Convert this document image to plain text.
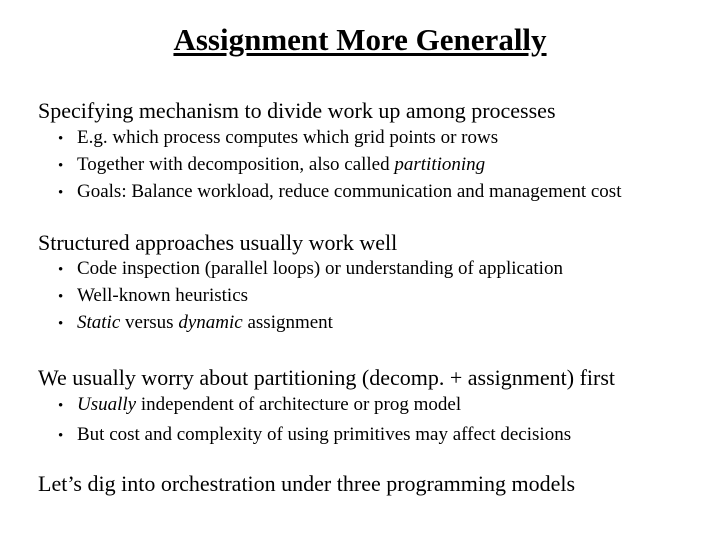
Assignment More Generally
Specifying mechanism to divide work up among processes
• E.g. which process computes which grid points or rows
• Together with decomposition, also called partitioning
• Goals: Balance workload, reduce communication and management cost
Structured approaches usually work well
• Code inspection (parallel loops) or understanding of application
• Well-known heuristics
• Static versus dynamic assignment
We usually worry about partitioning (decomp. + assignment) first
• Usually independent of architecture or prog model
• But cost and complexity of using primitives may affect decisions
Let’s dig into orchestration under three programming models
